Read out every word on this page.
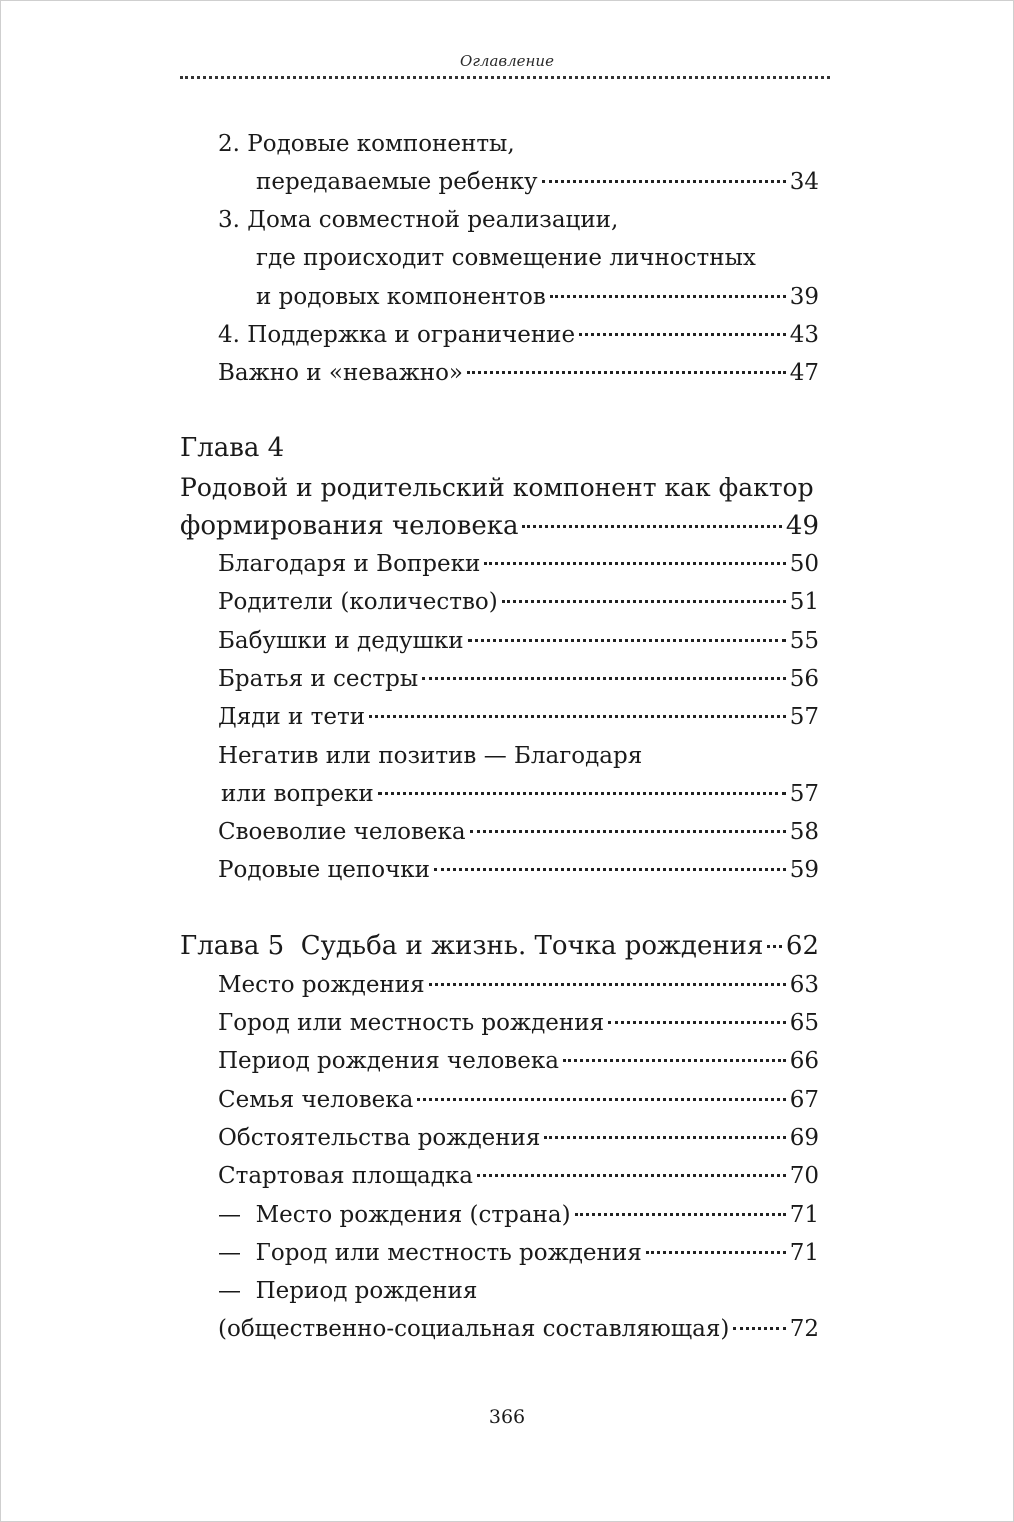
Оглавление
2. Родовые компоненты,
передаваемые ребенку	34
3. Дома совместной реализации,
где происходит совмещение личностных
и родовых компонентов	39
4. Поддержка и ограничение	43
Важно и «неважно»	47
Глава 4
Родовой и родительский компонент как фактор
формирования человека	49
Благодаря и Вопреки	50
Родители (количество)	51
Бабушки и дедушки	55
Братья и сестры	56
Дяди и тети	57
Негатив или позитив — Благодаря
или вопреки	57
Своеволие человека	58
Родовые цепочки	59
Глава 5  Судьба и жизнь. Точка рождения 62
Место рождения	63
Город или местность рождения	65
Период рождения человека	66
Семья человека	67
Обстоятельства рождения	69
Стартовая площадка	70
—  Место рождения (страна)	71
—  Город или местность рождения	71
—  Период рождения
(общественно-социальная составляющая)	72
366
